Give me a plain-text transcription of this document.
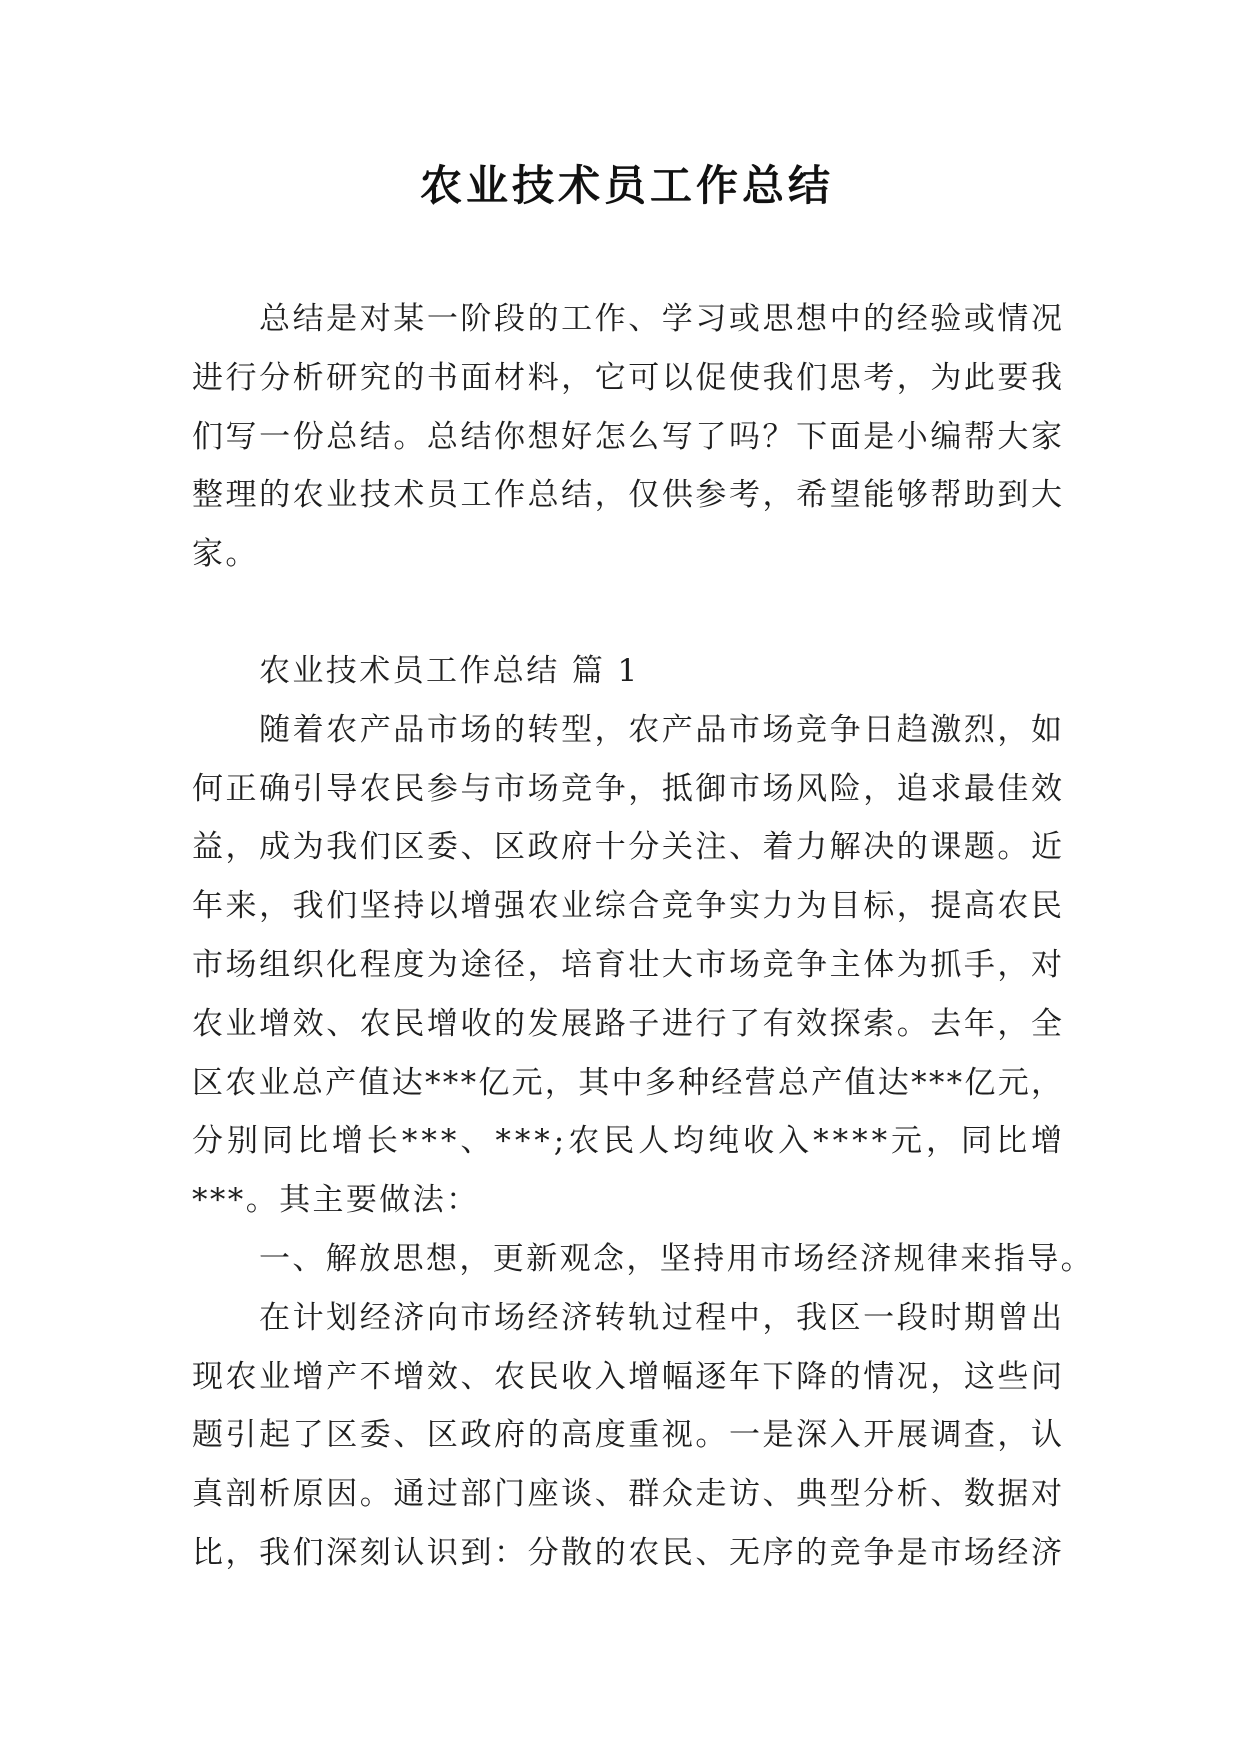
农业技术员工作总结
总结是对某一阶段的工作、学习或思想中的经验或情况
进行分析研究的书面材料，它可以促使我们思考，为此要我
们写一份总结。总结你想好怎么写了吗？下面是小编帮大家
整理的农业技术员工作总结，仅供参考，希望能够帮助到大
家。
农业技术员工作总结 篇 1
随着农产品市场的转型，农产品市场竞争日趋激烈，如
何正确引导农民参与市场竞争，抵御市场风险，追求最佳效
益，成为我们区委、区政府十分关注、着力解决的课题。近
年来，我们坚持以增强农业综合竞争实力为目标，提高农民
市场组织化程度为途径，培育壮大市场竞争主体为抓手，对
农业增效、农民增收的发展路子进行了有效探索。去年，全
区农业总产值达***亿元，其中多种经营总产值达***亿元，
分别同比增长***、***;农民人均纯收入****元，同比增
***。其主要做法：
一、解放思想，更新观念，坚持用市场经济规律来指导。
在计划经济向市场经济转轨过程中，我区一段时期曾出
现农业增产不增效、农民收入增幅逐年下降的情况，这些问
题引起了区委、区政府的高度重视。一是深入开展调查，认
真剖析原因。通过部门座谈、群众走访、典型分析、数据对
比，我们深刻认识到：分散的农民、无序的竞争是市场经济
